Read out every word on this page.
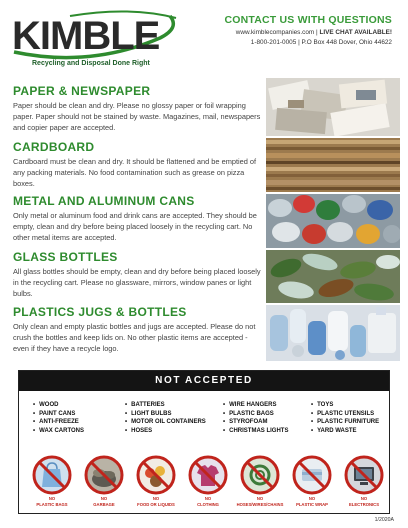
KIMBLE
Recycling and Disposal Done Right
CONTACT US WITH QUESTIONS
www.kimblecompanies.com | LIVE CHAT AVAILABLE!
1-800-201-0005 | P.O Box 448 Dover, Ohio 44622
PAPER & NEWSPAPER
Paper should be clean and dry. Please no glossy paper or foil wrapping paper. Paper should not be stained by waste. Magazines, mail, newspapers and copier paper are accepted.
CARDBOARD
Cardboard must be clean and dry. It should be flattened and be emptied of any packing materials. No food contamination such as grease on pizza boxes.
METAL AND ALUMINUM CANS
Only metal or aluminum food and drink cans are accepted. They should be empty, clean and dry before being placed loosely in the recycling cart. No other metal items are accepted.
GLASS BOTTLES
All glass bottles should be empty, clean and dry before being placed loosely in the recycling cart. Please no glassware, mirrors, window panes or light bulbs.
PLASTICS JUGS & BOTTLES
Only clean and empty plastic bottles and jugs are accepted. Please do not crush the bottles and keep lids on. No other plastic items are accepted - even if they have a recycle logo.
NOT ACCEPTED
• WOOD
• PAINT CANS
• ANTI-FREEZE
• WAX CARTONS
• BATTERIES
• LIGHT BULBS
• MOTOR OIL CONTAINERS
• HOSES
• WIRE HANGERS
• PLASTIC BAGS
• STYROFOAM
• CHRISTMAS LIGHTS
• TOYS
• PLASTIC UTENSILS
• PLASTIC FURNITURE
• YARD WASTE
NO
PLASTIC BAGS
NO
GARBAGE
NO
FOOD OR LIQUIDS
NO
CLOTHING
NO
HOSES/WIRES/CHAINS
NO
PLASTIC WRAP
NO
ELECTRONICS
1/2020A
